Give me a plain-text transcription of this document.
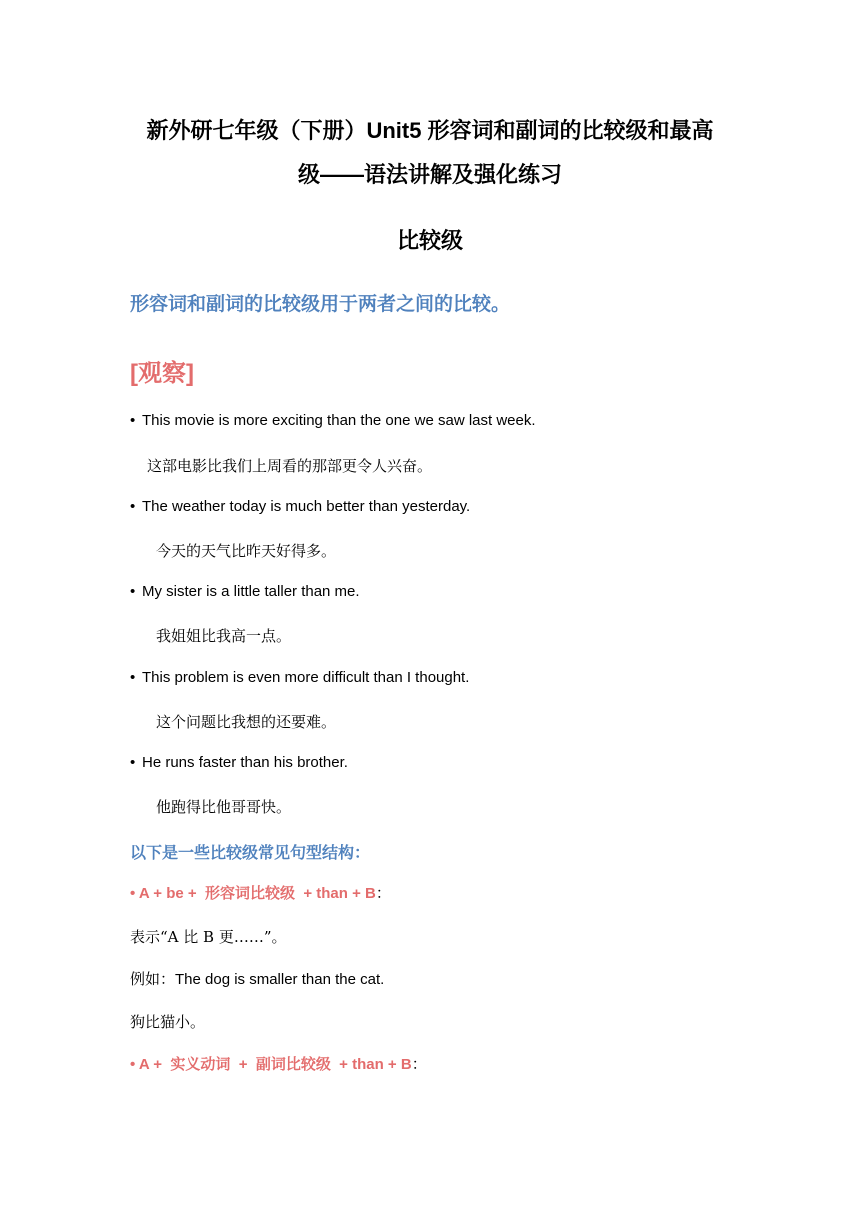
新外研七年级（下册）Unit5 形容词和副词的比较级和最高
级——语法讲解及强化练习
比较级
形容词和副词的比较级用于两者之间的比较。
[观察]
• This movie is more exciting than the one we saw last week.
这部电影比我们上周看的那部更令人兴奋。
• The weather today is much better than yesterday.
今天的天气比昨天好得多。
• My sister is a little taller than me.
我姐姐比我高一点。
• This problem is even more difficult than I thought.
这个问题比我想的还要难。
• He runs faster than his brother.
他跑得比他哥哥快。
以下是一些比较级常见句型结构：
• A + be +  形容词比较级  + than + B：
表示“A 比 B 更……”。
例如：The dog is smaller than the cat.
狗比猫小。
• A +  实义动词  +  副词比较级  + than + B：
